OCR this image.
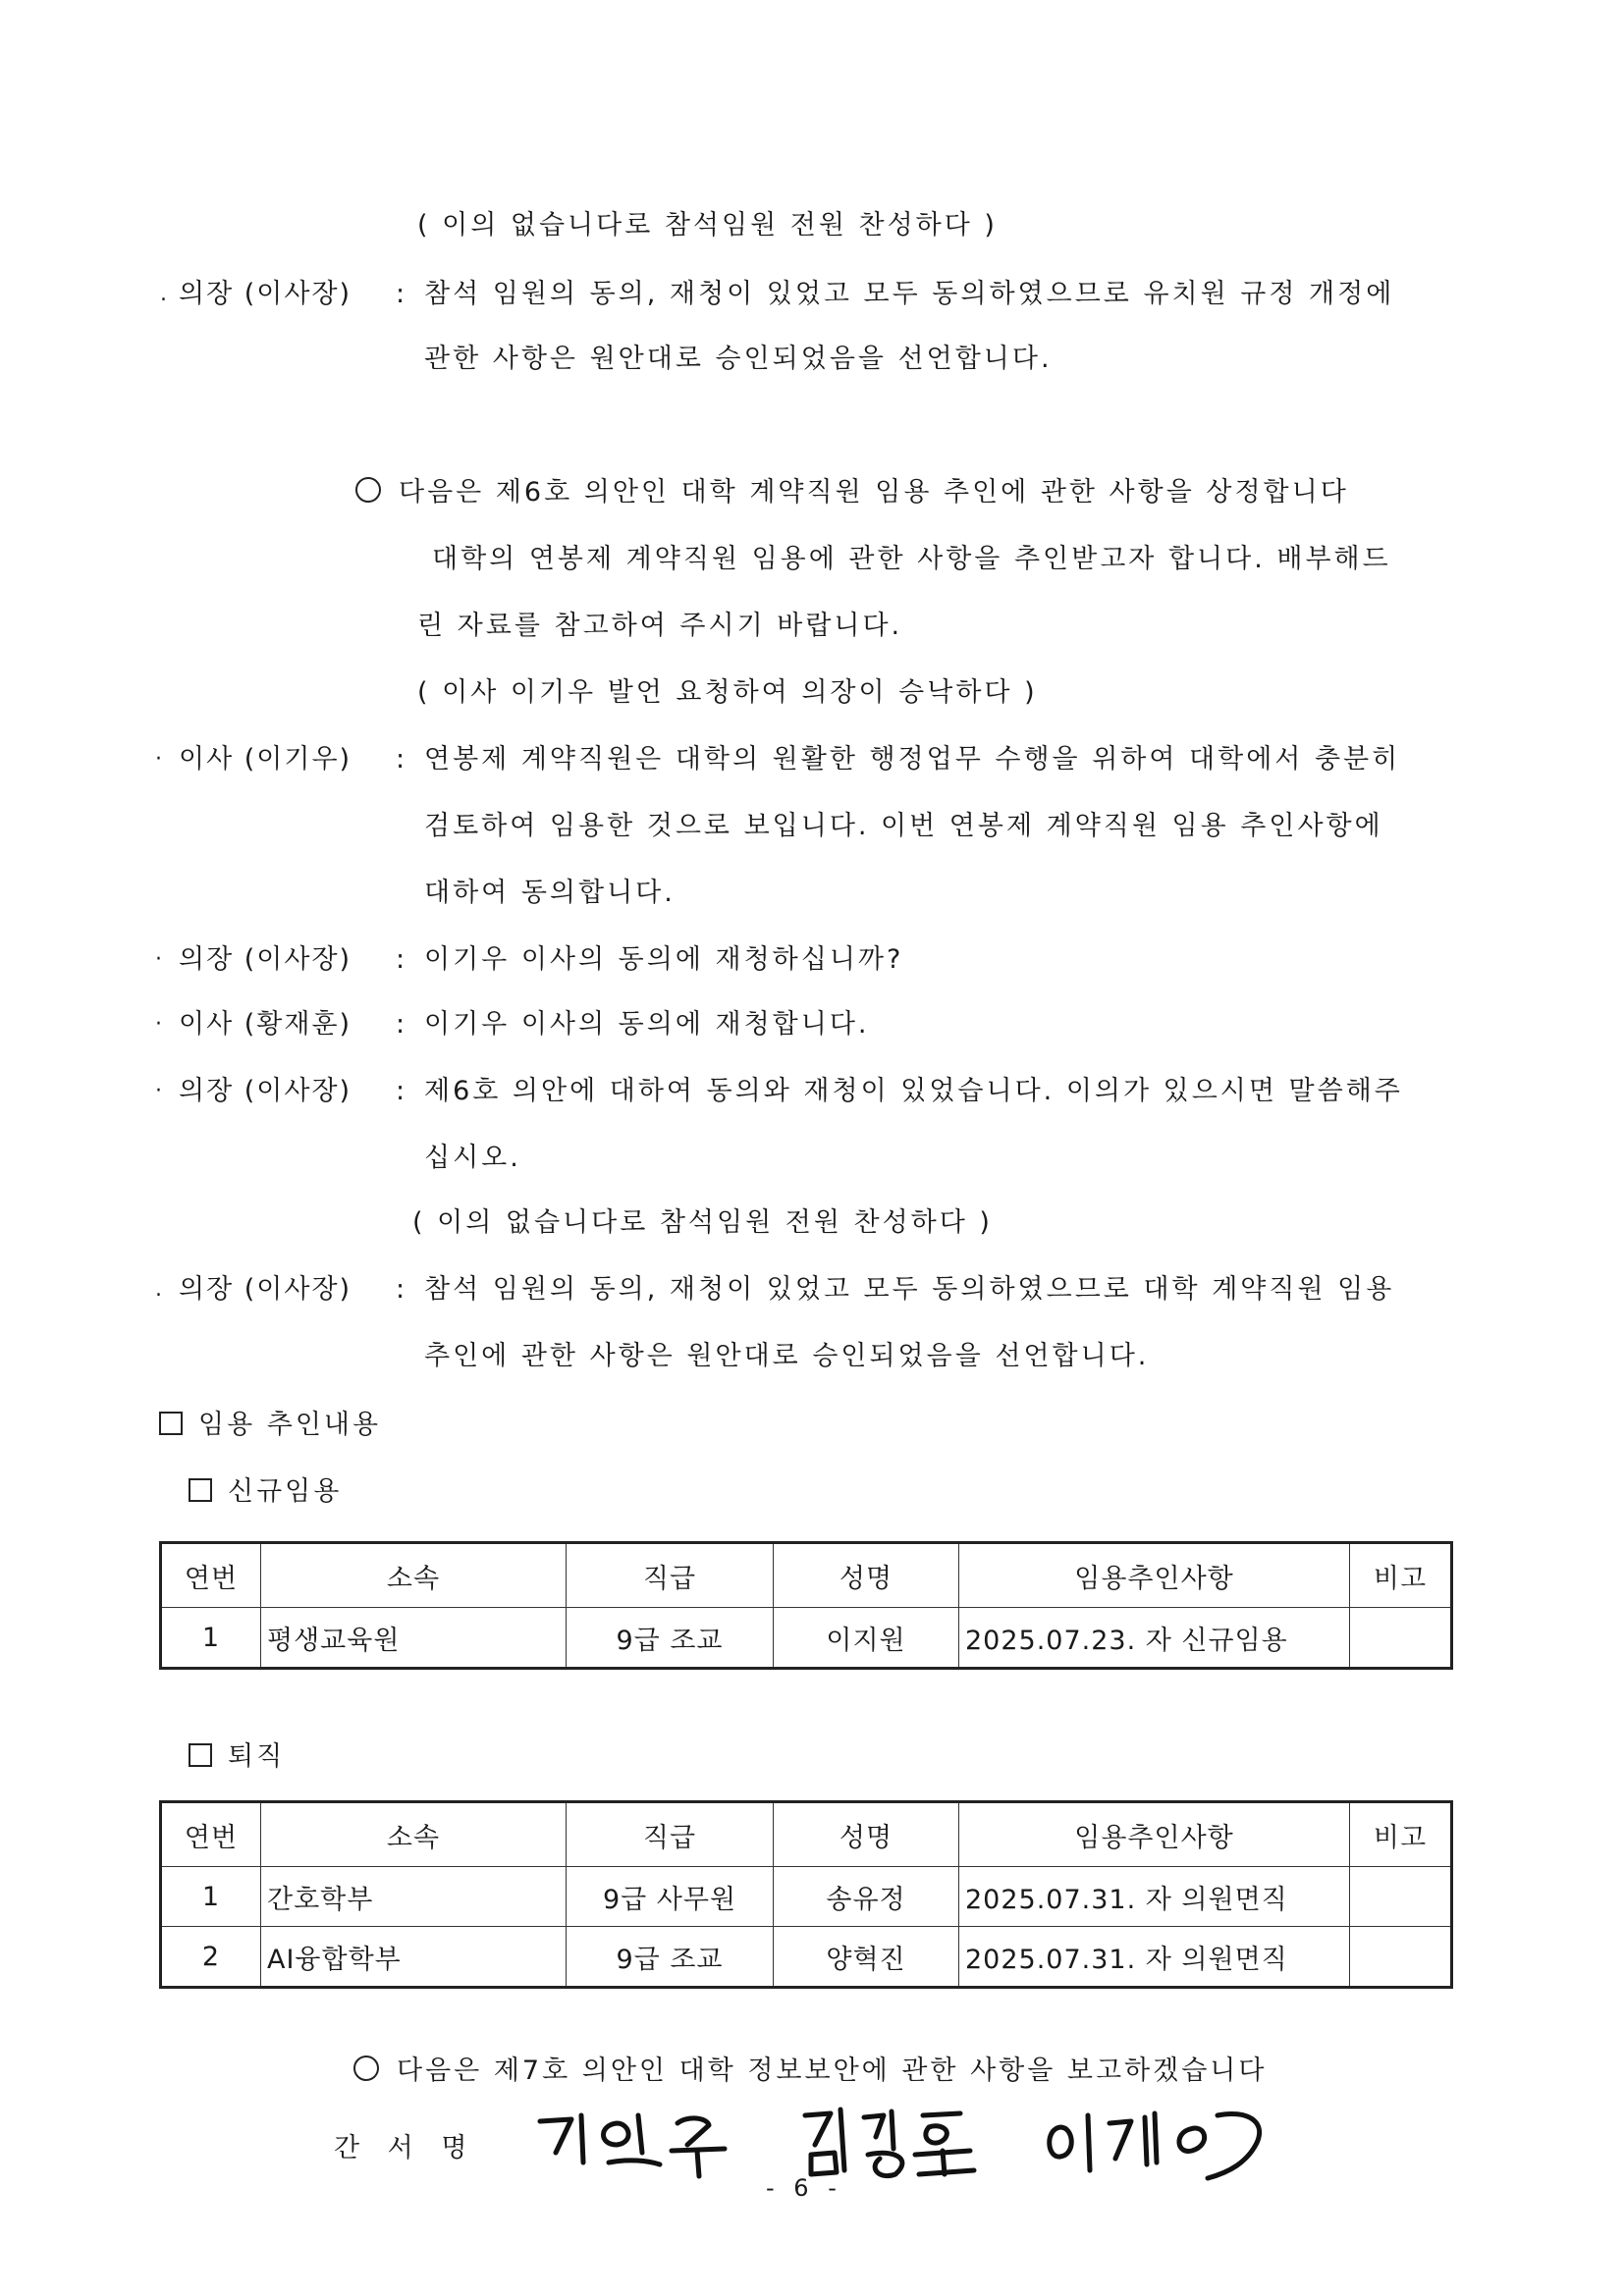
( 이의 없습니다로 참석임원 전원 찬성하다 )
. 의장 (이사장) : 참석 임원의 동의, 재청이 있었고 모두 동의하였으므로 유치원 규정 개정에
관한 사항은 원안대로 승인되었음을 선언합니다.
다음은 제6호 의안인 대학 계약직원 임용 추인에 관한 사항을 상정합니다
대학의 연봉제 계약직원 임용에 관한 사항을 추인받고자 합니다. 배부해드
린 자료를 참고하여 주시기 바랍니다.
( 이사 이기우 발언 요청하여 의장이 승낙하다 )
· 이사 (이기우) : 연봉제 계약직원은 대학의 원활한 행정업무 수행을 위하여 대학에서 충분히
검토하여 임용한 것으로 보입니다. 이번 연봉제 계약직원 임용 추인사항에
대하여 동의합니다.
· 의장 (이사장) : 이기우 이사의 동의에 재청하십니까?
· 이사 (황재훈) : 이기우 이사의 동의에 재청합니다.
· 의장 (이사장) : 제6호 의안에 대하여 동의와 재청이 있었습니다. 이의가 있으시면 말씀해주
십시오.
( 이의 없습니다로 참석임원 전원 찬성하다 )
. 의장 (이사장) : 참석 임원의 동의, 재청이 있었고 모두 동의하였으므로 대학 계약직원 임용
추인에 관한 사항은 원안대로 승인되었음을 선언합니다.
임용 추인내용
신규임용
연번	소속	직급	성명	임용추인사항	비고
1	평생교육원	9급 조교	이지원	2025.07.23. 자 신규임용	
퇴직
연번	소속	직급	성명	임용추인사항	비고
1	간호학부	9급 사무원	송유정	2025.07.31. 자 의원면직	
2	AI융합학부	9급 조교	양혁진	2025.07.31. 자 의원면직	
다음은 제7호 의안인 대학 정보보안에 관한 사항을 보고하겠습니다
간 서 명
- 6 -
